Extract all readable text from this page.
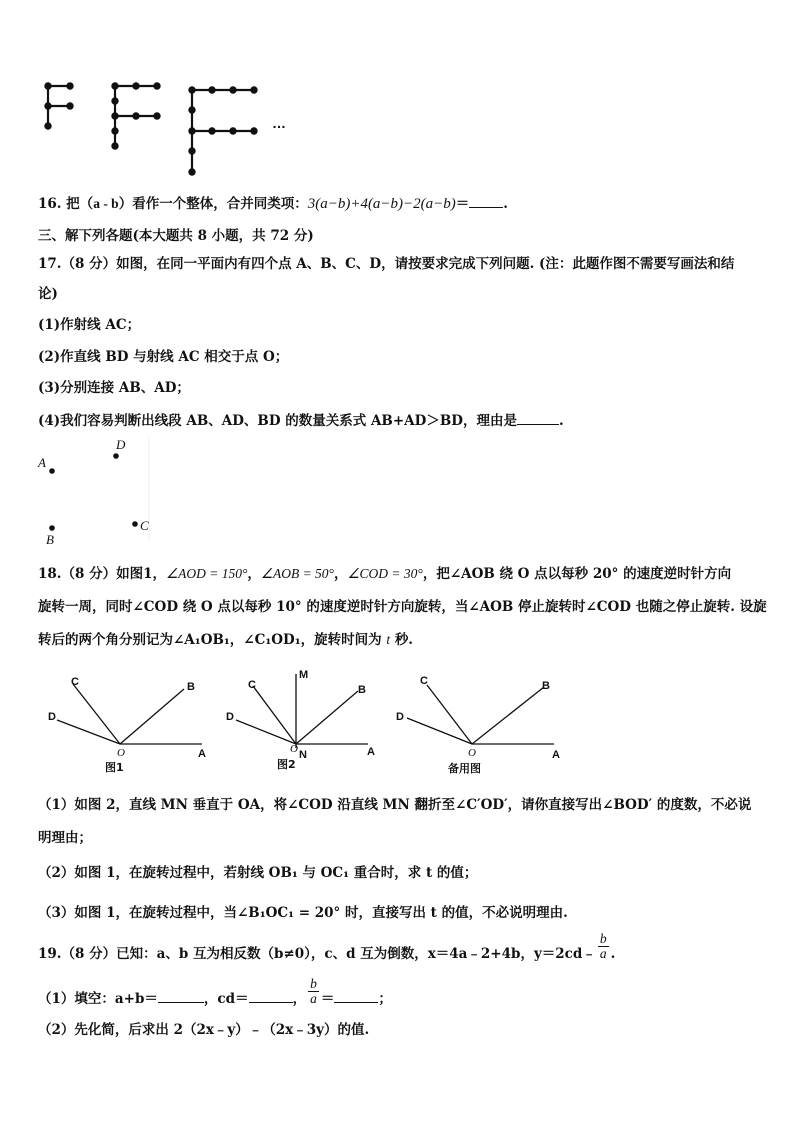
…
16. 把（a - b）看作一个整体，合并同类项：3(a−b)+4(a−b)−2(a−b)＝	.
三、解下列各题(本大题共 8 小题，共 72 分)
17.（8 分）如图，在同一平面内有四个点 A、B、C、D，请按要求完成下列问题. (注：此题作图不需要写画法和结
论)
(1)作射线 AC；
(2)作直线 BD 与射线 AC 相交于点 O；
(3)分别连接 AB、AD；
(4)我们容易判断出线段 AB、AD、BD 的数量关系式 AB+AD＞BD，理由是	.
A
D
B
C
18.（8 分）如图1，∠AOD = 150°，∠AOB = 50°，∠COD = 30°，把∠AOB 绕 O 点以每秒 20° 的速度逆时针方向
旋转一周，同时∠COD 绕 O 点以每秒 10° 的速度逆时针方向旋转，当∠AOB 停止旋转时∠COD 也随之停止旋转. 设旋
转后的两个角分别记为∠A₁OB₁，∠C₁OD₁，旋转时间为 t 秒.
C	B
D
O	A
图1
M
C	B
D
O N	A
图2
C	B
D
O	A
备用图
（1）如图 2，直线 MN 垂直于 OA，将∠COD 沿直线 MN 翻折至∠C′OD′，请你直接写出∠BOD′ 的度数，不必说
明理由；
（2）如图 1，在旋转过程中，若射线 OB₁ 与 OC₁ 重合时，求 t 的值；
（3）如图 1，在旋转过程中，当∠B₁OC₁ = 20° 时，直接写出 t 的值，不必说明理由.
19.（8 分）已知：a、b 互为相反数（b≠0），c、d 互为倒数，x＝4a﹣2+4b，y＝2cd﹣ $\frac{b}{a}$ .
（1）填空：a+b＝	，cd＝	， $\frac{b}{a}$ ＝	；
（2）先化简，后求出 2（2x﹣y）﹣（2x﹣3y）的值.
